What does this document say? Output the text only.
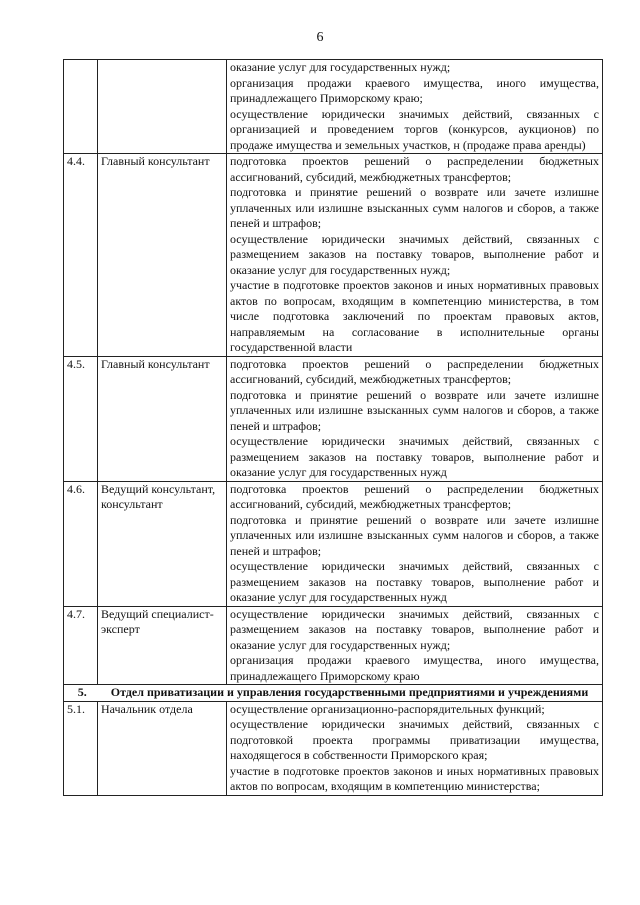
6

		оказание услуг для государственных нужд;
организация продажи краевого имущества, иного имущества, принадлежащего Приморскому краю;
осуществление юридически значимых действий, связанных с организацией и проведением торгов (конкурсов, аукционов) по продаже имущества и земельных участков, н (продаже права аренды)

4.4.	Главный консультант	подготовка проектов решений о распределении бюджетных ассигнований, субсидий, межбюджетных трансфертов;
подготовка и принятие решений о возврате или зачете излишне уплаченных или излишне взысканных сумм налогов и сборов, а также пеней и штрафов;
осуществление юридически значимых действий, связанных с размещением заказов на поставку товаров, выполнение работ и оказание услуг для государственных нужд;
участие в подготовке проектов законов и иных нормативных правовых актов по вопросам, входящим в компетенцию министерства, в том числе подготовка заключений по проектам правовых актов, направляемым на согласование в исполнительные органы государственной власти

4.5.	Главный консультант	подготовка проектов решений о распределении бюджетных ассигнований, субсидий, межбюджетных трансфертов;
подготовка и принятие решений о возврате или зачете излишне уплаченных или излишне взысканных сумм налогов и сборов, а также пеней и штрафов;
осуществление юридически значимых действий, связанных с размещением заказов на поставку товаров, выполнение работ и оказание услуг для государственных нужд

4.6.	Ведущий консультант, консультант	подготовка проектов решений о распределении бюджетных ассигнований, субсидий, межбюджетных трансфертов;
подготовка и принятие решений о возврате или зачете излишне уплаченных или излишне взысканных сумм налогов и сборов, а также пеней и штрафов;
осуществление юридически значимых действий, связанных с размещением заказов на поставку товаров, выполнение работ и оказание услуг для государственных нужд

4.7.	Ведущий специалист-эксперт	осуществление юридически значимых действий, связанных с размещением заказов на поставку товаров, выполнение работ и оказание услуг для государственных нужд;
организация продажи краевого имущества, иного имущества, принадлежащего Приморскому краю

5. Отдел приватизации и управления государственными предприятиями и учреждениями		
5.1.	Начальник отдела	осуществление организационно-распорядительных функций;
осуществление юридически значимых действий, связанных с подготовкой проекта программы приватизации имущества, находящегося в собственности Приморского края;
участие в подготовке проектов законов и иных нормативных правовых актов по вопросам, входящим в компетенцию министерства;
